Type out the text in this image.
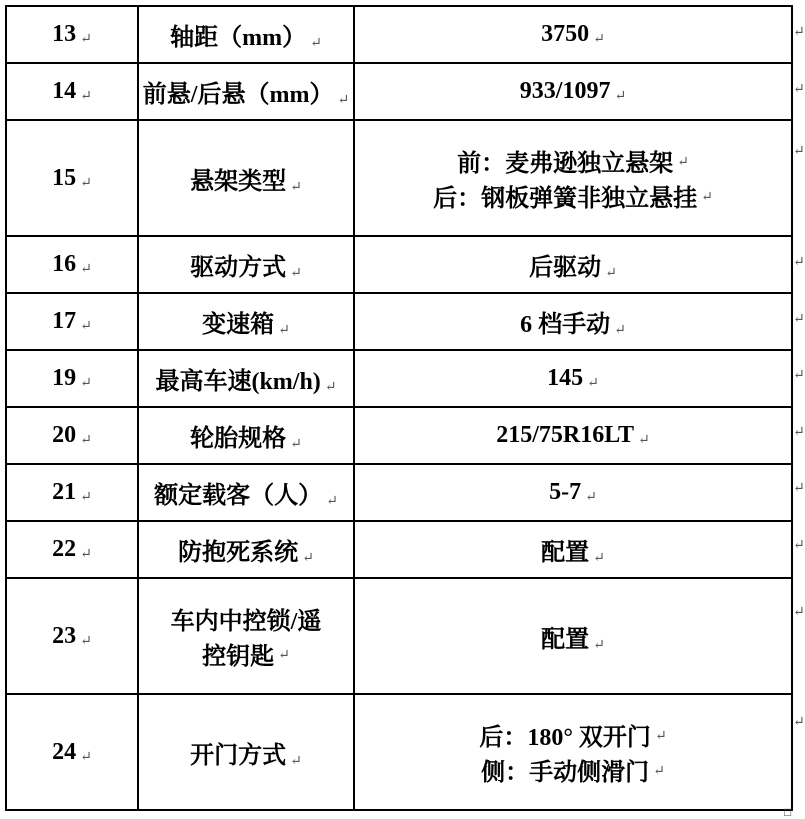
13 ↵	轴距（mm） ↵	3750 ↵
14 ↵	前悬/后悬（mm） ↵	933/1097 ↵
15 ↵	悬架类型 ↵	前：麦弗逊独立悬架 ↵
后：钢板弹簧非独立悬挂 ↵

16 ↵	驱动方式 ↵	后驱动 ↵
17 ↵	变速箱 ↵	6 档手动 ↵
19 ↵	最高车速(km/h) ↵	145 ↵
20 ↵	轮胎规格 ↵	215/75R16LT ↵
21 ↵	额定载客（人） ↵	5-7 ↵
22 ↵	防抱死系统 ↵	配置 ↵
23 ↵	车内中控锁/遥
控钥匙 ↵	配置 ↵
24 ↵	开门方式 ↵	后：180° 双开门 ↵
侧：手动侧滑门 ↵
↵
↵
↵
↵
↵
↵
↵
↵
↵
↵
↵
□
